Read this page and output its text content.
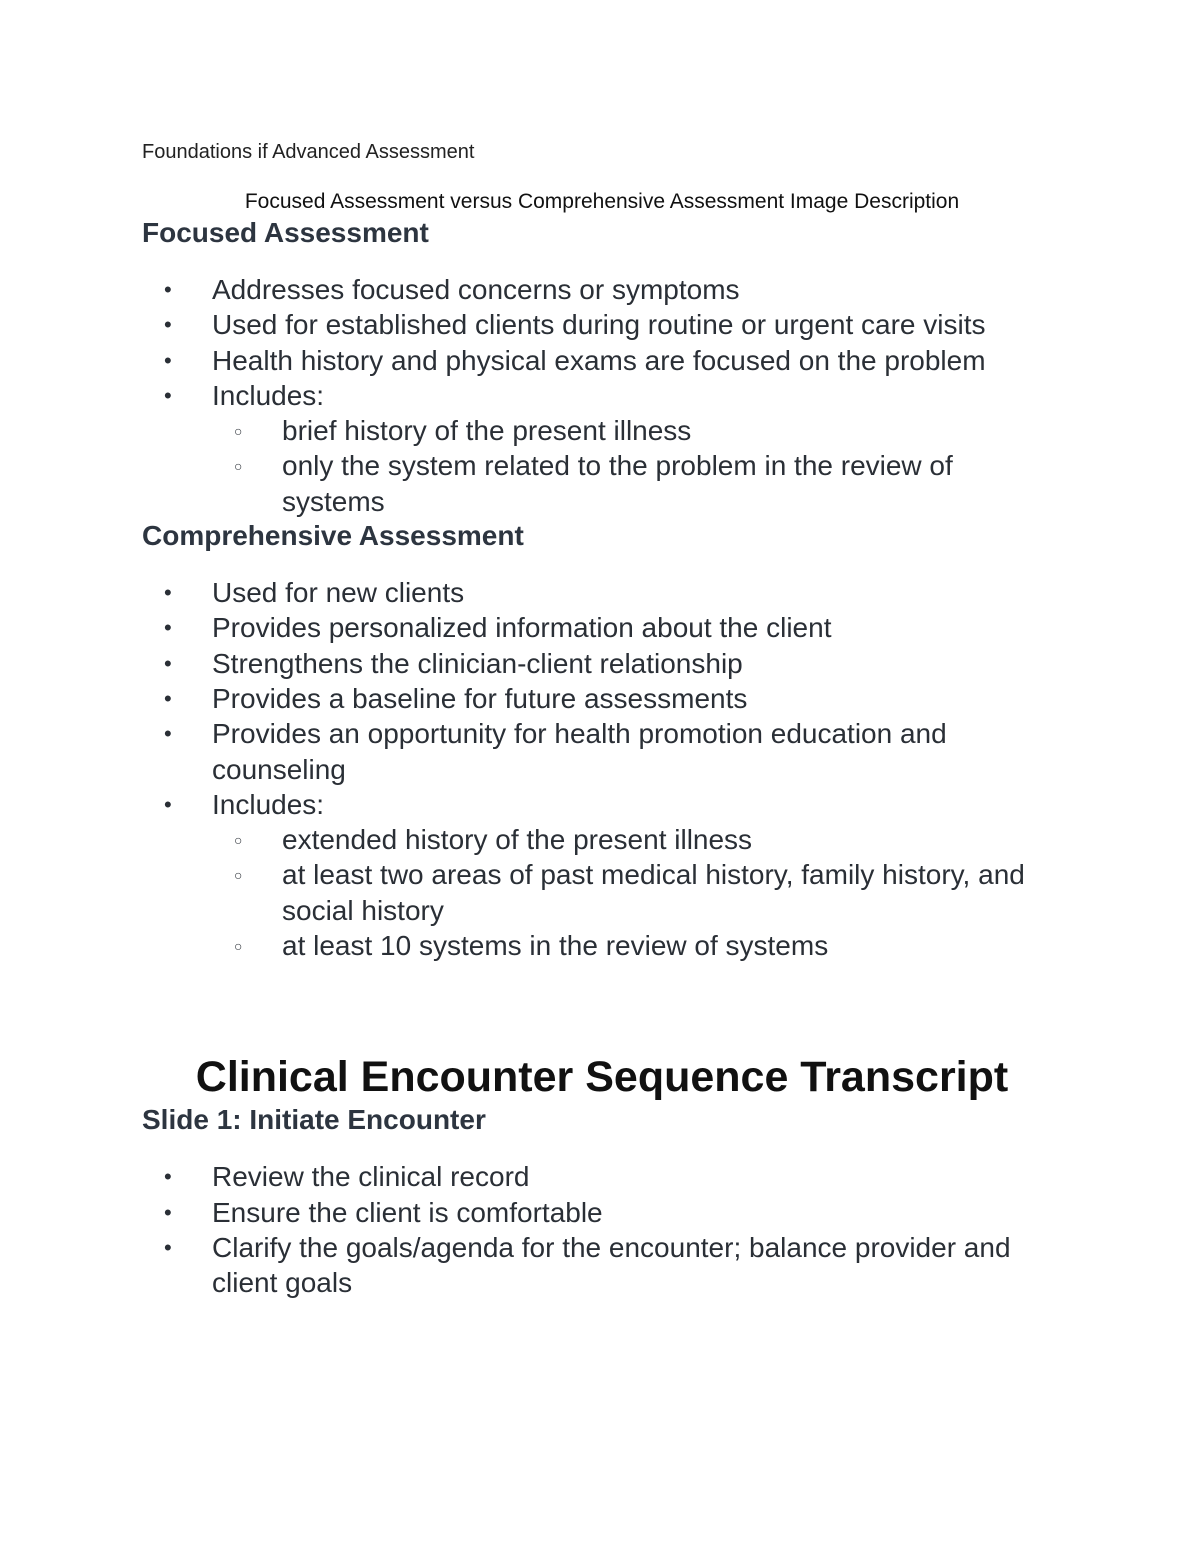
Foundations if Advanced Assessment

Focused Assessment versus Comprehensive Assessment Image Description

Focused Assessment
• Addresses focused concerns or symptoms
• Used for established clients during routine or urgent care visits
• Health history and physical exams are focused on the problem
• Includes:
○ brief history of the present illness
○ only the system related to the problem in the review of systems
Comprehensive Assessment
• Used for new clients
• Provides personalized information about the client
• Strengthens the clinician-client relationship
• Provides a baseline for future assessments
• Provides an opportunity for health promotion education and counseling
• Includes:
○ extended history of the present illness
○ at least two areas of past medical history, family history, and social history
○ at least 10 systems in the review of systems
Clinical Encounter Sequence Transcript
Slide 1: Initiate Encounter
• Review the clinical record
• Ensure the client is comfortable
• Clarify the goals/agenda for the encounter; balance provider and client goals
